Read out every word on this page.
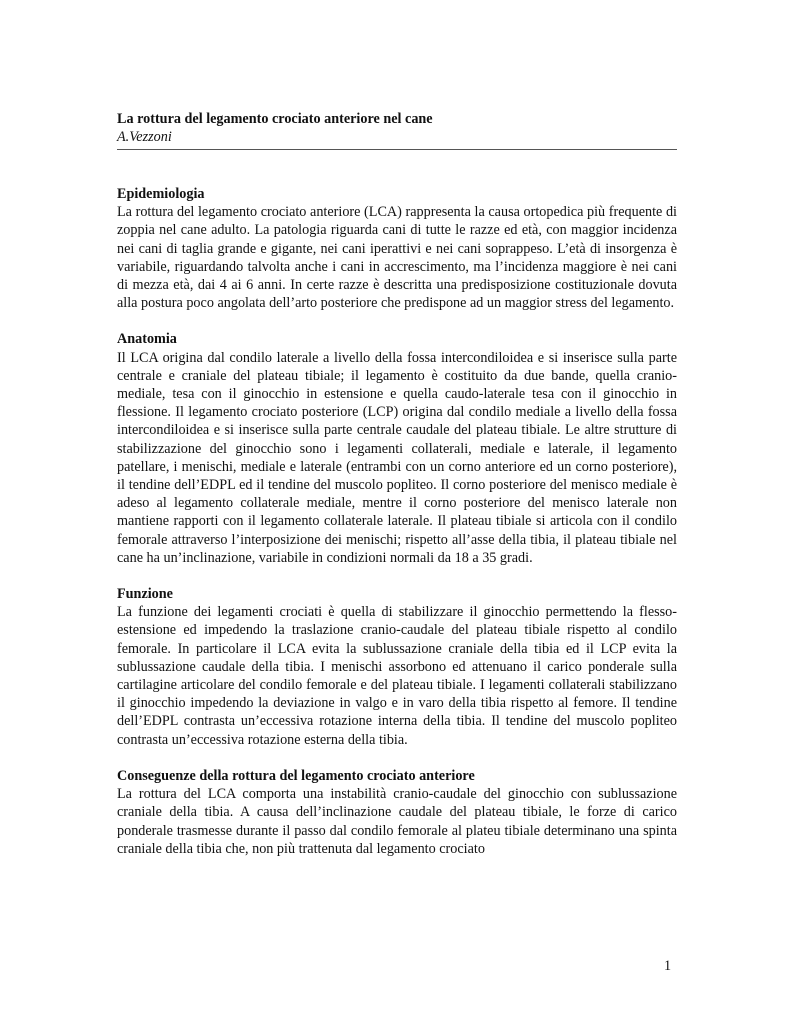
La rottura del legamento crociato anteriore nel cane
A.Vezzoni
Epidemiologia

La rottura del legamento crociato anteriore (LCA) rappresenta la causa ortopedica più frequente di zoppia nel cane adulto. La patologia riguarda cani di tutte le razze ed età, con maggior incidenza nei cani di taglia grande e gigante, nei cani iperattivi e nei cani soprappeso. L’età di insorgenza è variabile, riguardando talvolta anche i cani in accrescimento, ma l’incidenza maggiore è nei cani di mezza età, dai 4 ai 6 anni. In certe razze è descritta una predisposizione costituzionale dovuta alla postura poco angolata dell’arto posteriore che predispone ad un maggior stress del legamento.

Anatomia

Il LCA origina dal condilo laterale a livello della fossa intercondiloidea e si inserisce sulla parte centrale e craniale del plateau tibiale; il legamento è costituito da due bande, quella cranio-mediale, tesa con il ginocchio in estensione e quella caudo-laterale tesa con il ginocchio in flessione. Il legamento crociato posteriore (LCP) origina dal condilo mediale a livello della fossa intercondiloidea e si inserisce sulla parte centrale caudale del plateau tibiale. Le altre strutture di stabilizzazione del ginocchio sono i legamenti collaterali, mediale e laterale, il legamento patellare, i menischi, mediale e laterale (entrambi con un corno anteriore ed un corno posteriore), il tendine dell’EDPL ed il tendine del muscolo popliteo. Il corno posteriore del menisco mediale è adeso al legamento collaterale mediale, mentre il corno posteriore del menisco laterale non mantiene rapporti con il legamento collaterale laterale. Il plateau tibiale si articola con il condilo femorale attraverso l’interposizione dei menischi; rispetto all’asse della tibia, il plateau tibiale nel cane ha un’inclinazione, variabile in condizioni normali da 18 a 35 gradi.

Funzione

La funzione dei legamenti crociati è quella di stabilizzare il ginocchio permettendo la flesso-estensione ed impedendo la traslazione cranio-caudale del plateau tibiale rispetto al condilo femorale. In particolare il LCA evita la sublussazione craniale della tibia ed il LCP evita la sublussazione caudale della tibia. I menischi assorbono ed attenuano il carico ponderale sulla cartilagine articolare del condilo femorale e del plateau tibiale. I legamenti collaterali stabilizzano il ginocchio impedendo la deviazione in valgo e in varo della tibia rispetto al femore. Il tendine dell’EDPL contrasta un’eccessiva rotazione interna della tibia. Il tendine del muscolo popliteo contrasta un’eccessiva rotazione esterna della tibia.

Conseguenze della rottura del legamento crociato anteriore

La rottura del LCA comporta una instabilità cranio-caudale del ginocchio con sublussazione craniale della tibia. A causa dell’inclinazione caudale del plateau tibiale, le forze di carico ponderale trasmesse durante il passo dal condilo femorale al plateu tibiale determinano una spinta craniale della tibia che, non più trattenuta dal legamento crociato

1
